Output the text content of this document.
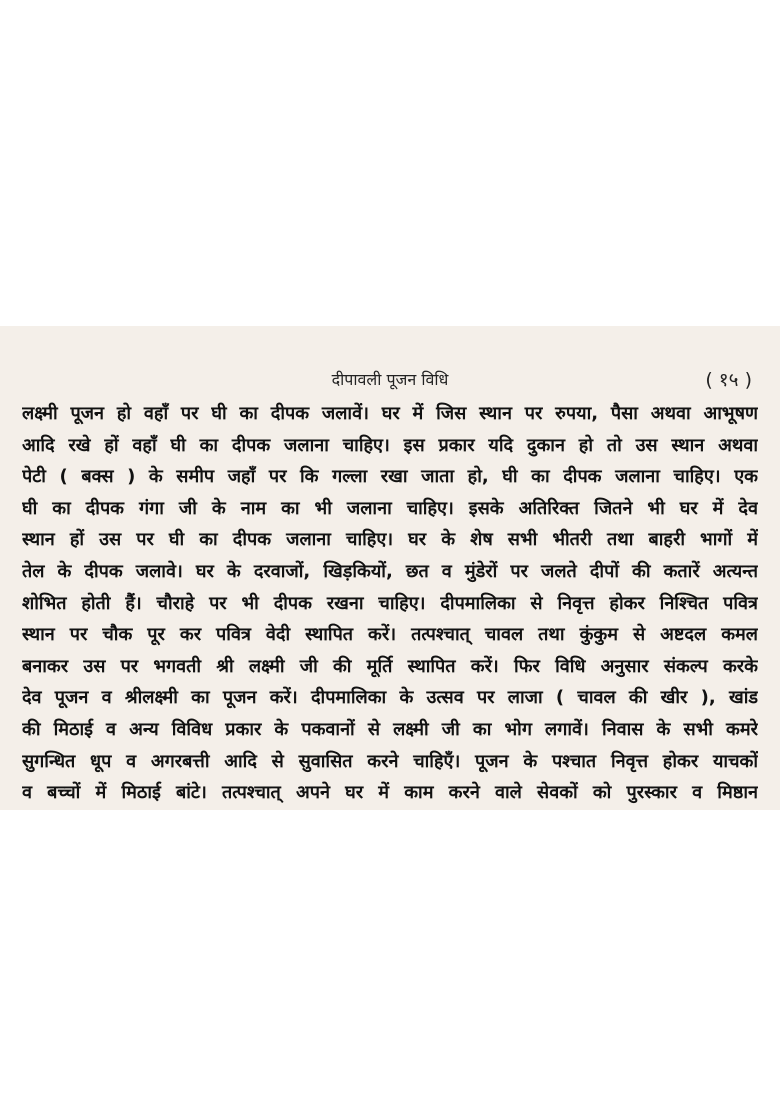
दीपावली पूजन विधि	( १५ )
लक्ष्मी पूजन हो वहाँ पर घी का दीपक जलावें। घर में जिस स्थान पर रुपया, पैसा अथवा आभूषण
आदि रखे हों वहाँ घी का दीपक जलाना चाहिए। इस प्रकार यदि दुकान हो तो उस स्थान अथवा
पेटी ( बक्स ) के समीप जहाँ पर कि गल्ला रखा जाता हो, घी का दीपक जलाना चाहिए। एक
घी का दीपक गंगा जी के नाम का भी जलाना चाहिए। इसके अतिरिक्त जितने भी घर में देव
स्थान हों उस पर घी का दीपक जलाना चाहिए। घर के शेष सभी भीतरी तथा बाहरी भागों में
तेल के दीपक जलावे। घर के दरवाजों, खिड़कियों, छत व मुंडेरों पर जलते दीपों की कतारें अत्यन्त
शोभित होती हैं। चौराहे पर भी दीपक रखना चाहिए। दीपमालिका से निवृत्त होकर निश्चित पवित्र
स्थान पर चौक पूर कर पवित्र वेदी स्थापित करें। तत्पश्चात् चावल तथा कुंकुम से अष्टदल कमल
बनाकर उस पर भगवती श्री लक्ष्मी जी की मूर्ति स्थापित करें। फिर विधि अनुसार संकल्प करके
देव पूजन व श्रीलक्ष्मी का पूजन करें। दीपमालिका के उत्सव पर लाजा ( चावल की खीर ), खांड
की मिठाई व अन्य विविध प्रकार के पकवानों से लक्ष्मी जी का भोग लगावें। निवास के सभी कमरे
सुगन्धित धूप व अगरबत्ती आदि से सुवासित करने चाहिएँ। पूजन के पश्चात निवृत्त होकर याचकों
व बच्चों में मिठाई बांटे। तत्पश्चात् अपने घर में काम करने वाले सेवकों को पुरस्कार व मिष्ठान
